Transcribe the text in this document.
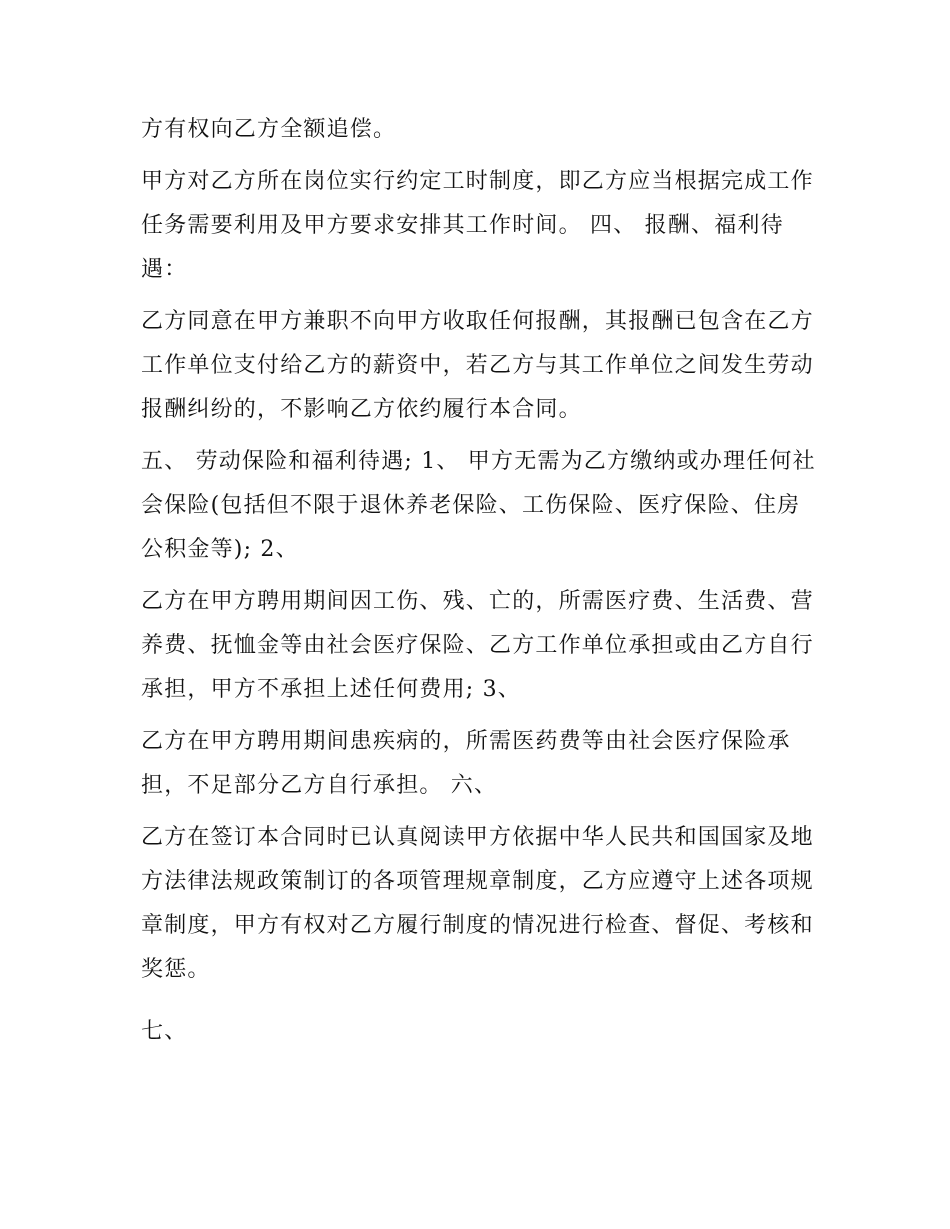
方有权向乙方全额追偿。

甲方对乙方所在岗位实行约定工时制度，即乙方应当根据完成工作任务需要利用及甲方要求安排其工作时间。 四、 报酬、福利待遇：

乙方同意在甲方兼职不向甲方收取任何报酬，其报酬已包含在乙方工作单位支付给乙方的薪资中，若乙方与其工作单位之间发生劳动报酬纠纷的，不影响乙方依约履行本合同。

五、 劳动保险和福利待遇; 1、 甲方无需为乙方缴纳或办理任何社会保险(包括但不限于退休养老保险、工伤保险、医疗保险、住房公积金等); 2、

乙方在甲方聘用期间因工伤、残、亡的，所需医疗费、生活费、营养费、抚恤金等由社会医疗保险、乙方工作单位承担或由乙方自行承担，甲方不承担上述任何费用; 3、

乙方在甲方聘用期间患疾病的，所需医药费等由社会医疗保险承担，不足部分乙方自行承担。 六、

乙方在签订本合同时已认真阅读甲方依据中华人民共和国国家及地方法律法规政策制订的各项管理规章制度，乙方应遵守上述各项规章制度，甲方有权对乙方履行制度的情况进行检查、督促、考核和奖惩。

七、
